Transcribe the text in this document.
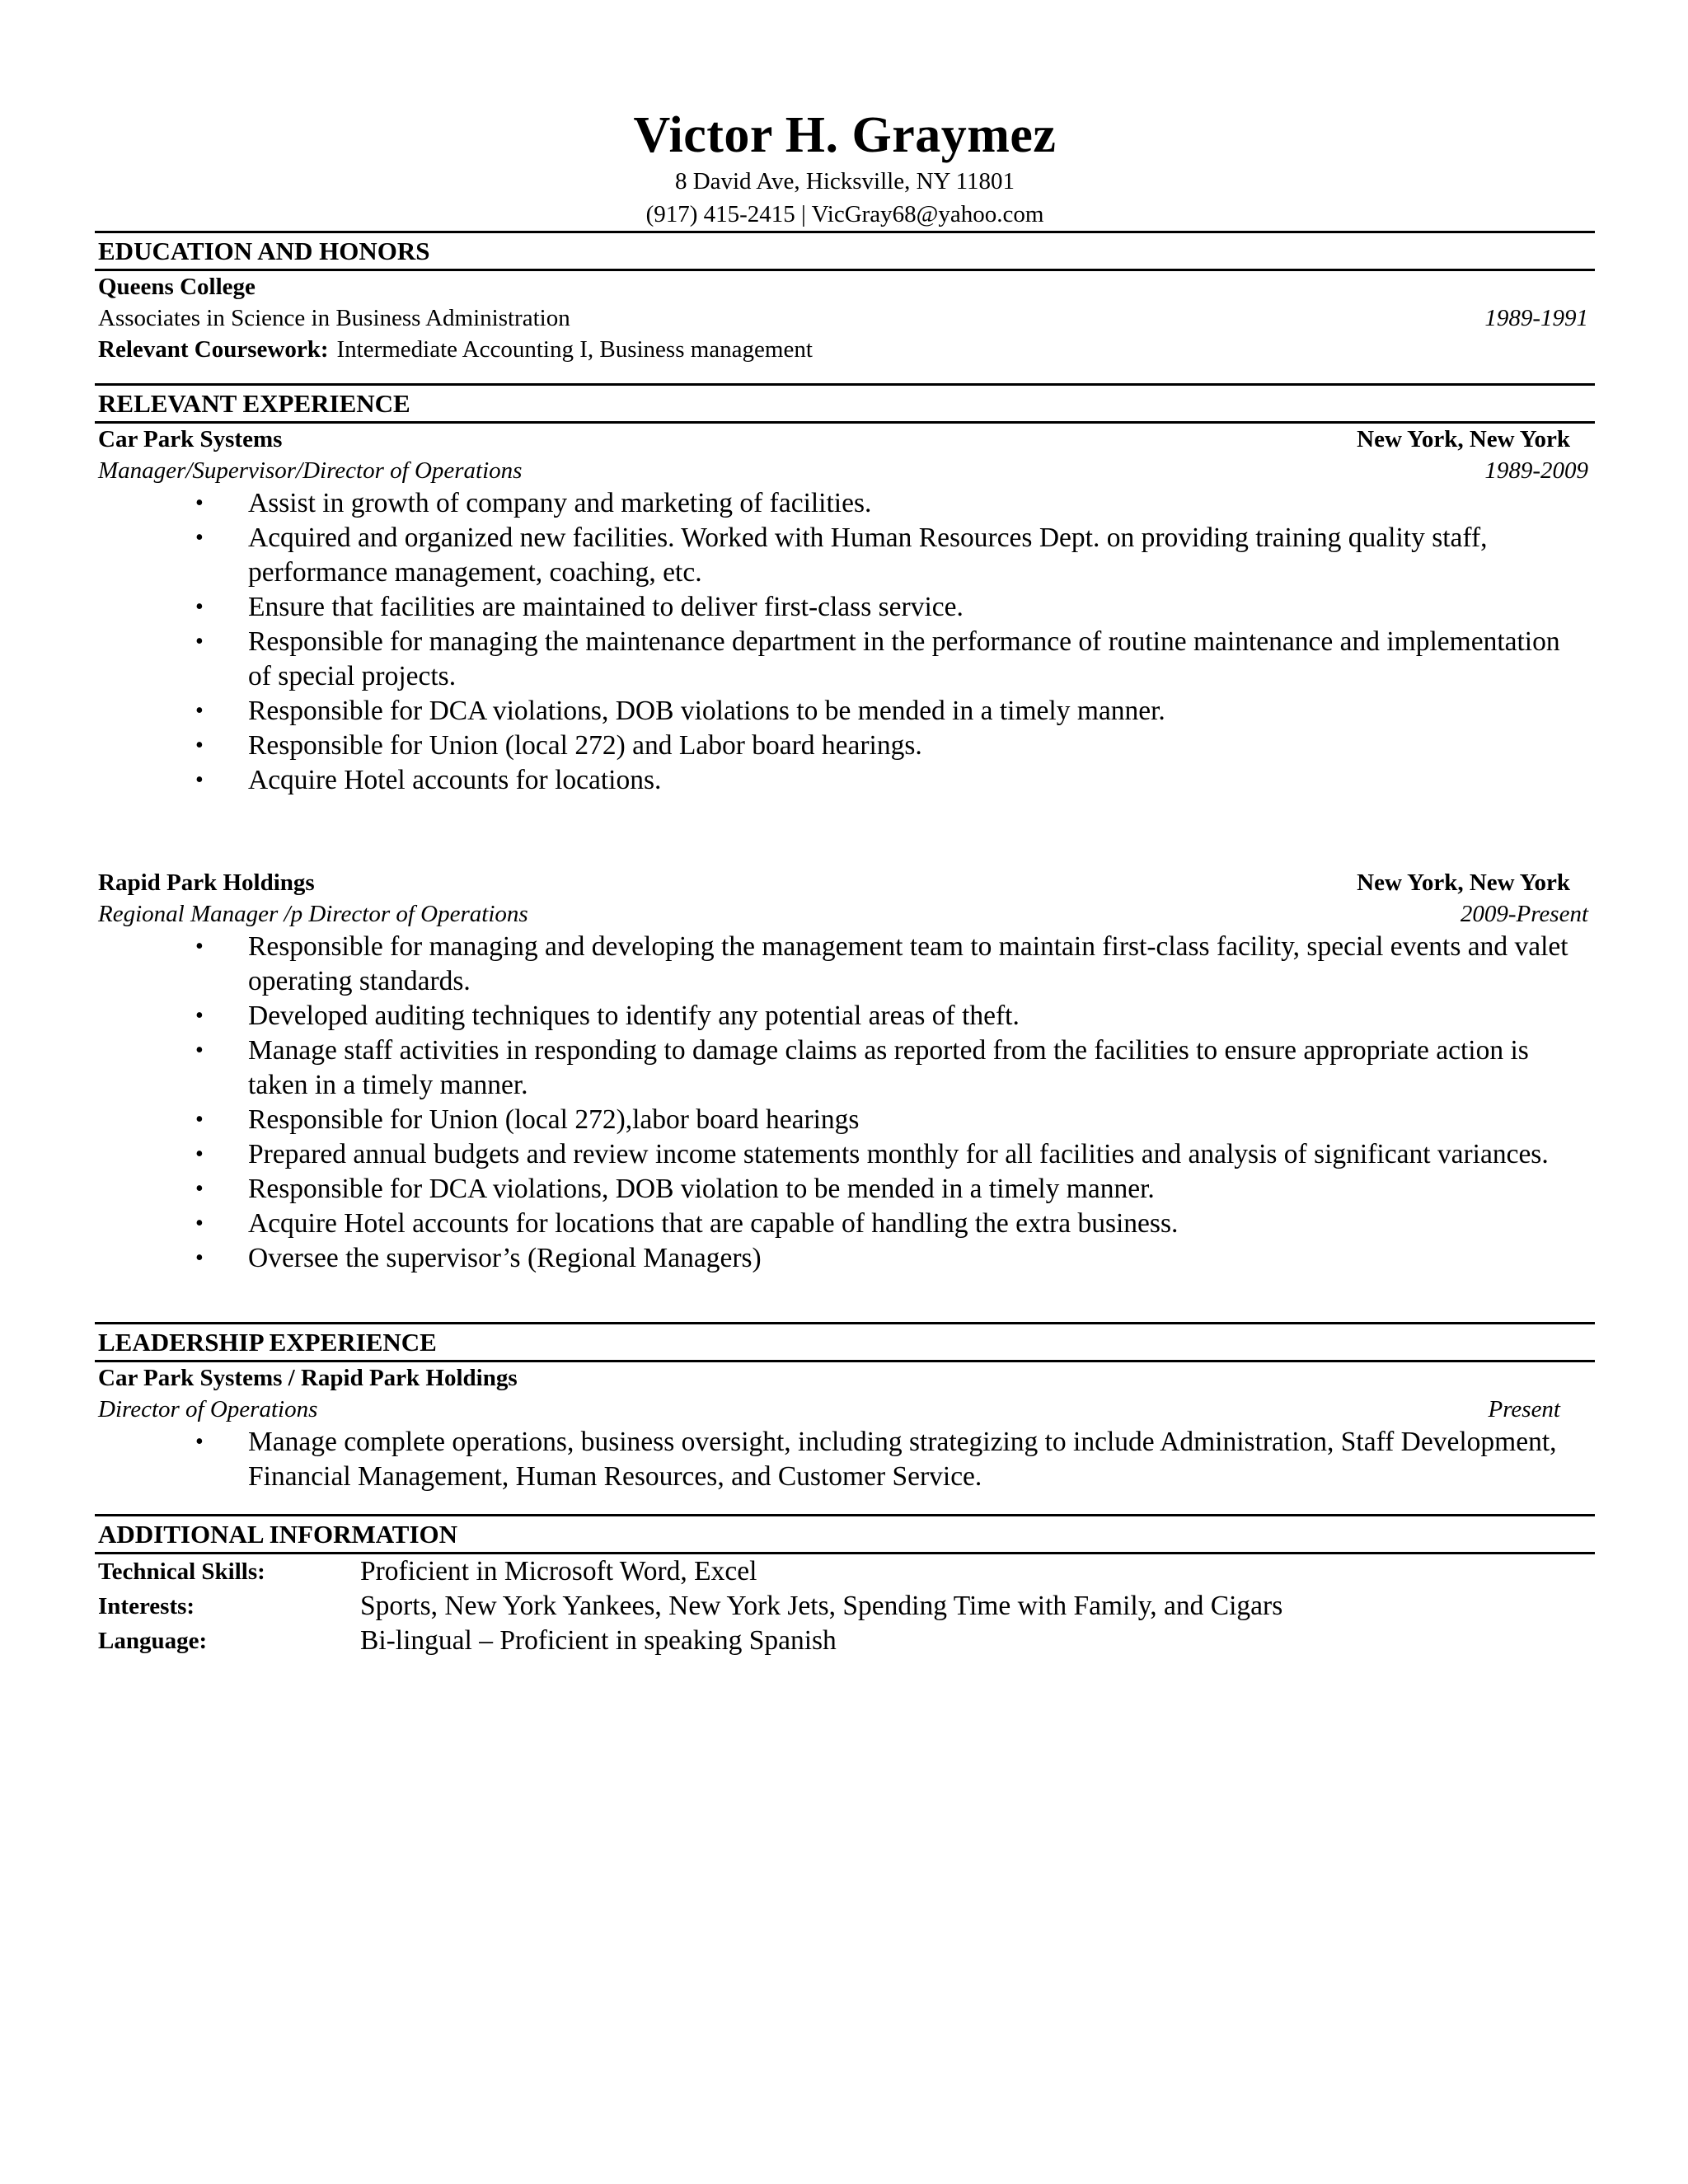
Victor H. Graymez
8 David Ave, Hicksville, NY 11801
(917) 415-2415 | VicGray68@yahoo.com
EDUCATION AND HONORS
Queens College
Associates in Science in Business Administration	1989-1991
Relevant Coursework: Intermediate Accounting I, Business management
RELEVANT EXPERIENCE
Car Park Systems	New York, New York
Manager/Supervisor/Director of Operations	1989-2009
• Assist in growth of company and marketing of facilities.
• Acquired and organized new facilities. Worked with Human Resources Dept. on providing training quality staff, performance management, coaching, etc.
• Ensure that facilities are maintained to deliver first-class service.
• Responsible for managing the maintenance department in the performance of routine maintenance and implementation of special projects.
• Responsible for DCA violations, DOB violations to be mended in a timely manner.
• Responsible for Union (local 272) and Labor board hearings.
• Acquire Hotel accounts for locations.
Rapid Park Holdings	New York, New York
Regional Manager /p Director of Operations	2009-Present
• Responsible for managing and developing the management team to maintain first-class facility, special events and valet operating standards.
• Developed auditing techniques to identify any potential areas of theft.
• Manage staff activities in responding to damage claims as reported from the facilities to ensure appropriate action is taken in a timely manner.
• Responsible for Union (local 272),labor board hearings
• Prepared annual budgets and review income statements monthly for all facilities and analysis of significant variances.
• Responsible for DCA violations, DOB violation to be mended in a timely manner.
• Acquire Hotel accounts for locations that are capable of handling the extra business.
• Oversee the supervisor’s (Regional Managers)
LEADERSHIP EXPERIENCE
Car Park Systems / Rapid Park Holdings
Director of Operations	Present
• Manage complete operations, business oversight, including strategizing to include Administration, Staff Development, Financial Management, Human Resources, and Customer Service.
ADDITIONAL INFORMATION
Technical Skills:	Proficient in Microsoft Word, Excel
Interests:	Sports, New York Yankees, New York Jets, Spending Time with Family, and Cigars
Language:	Bi-lingual – Proficient in speaking Spanish
